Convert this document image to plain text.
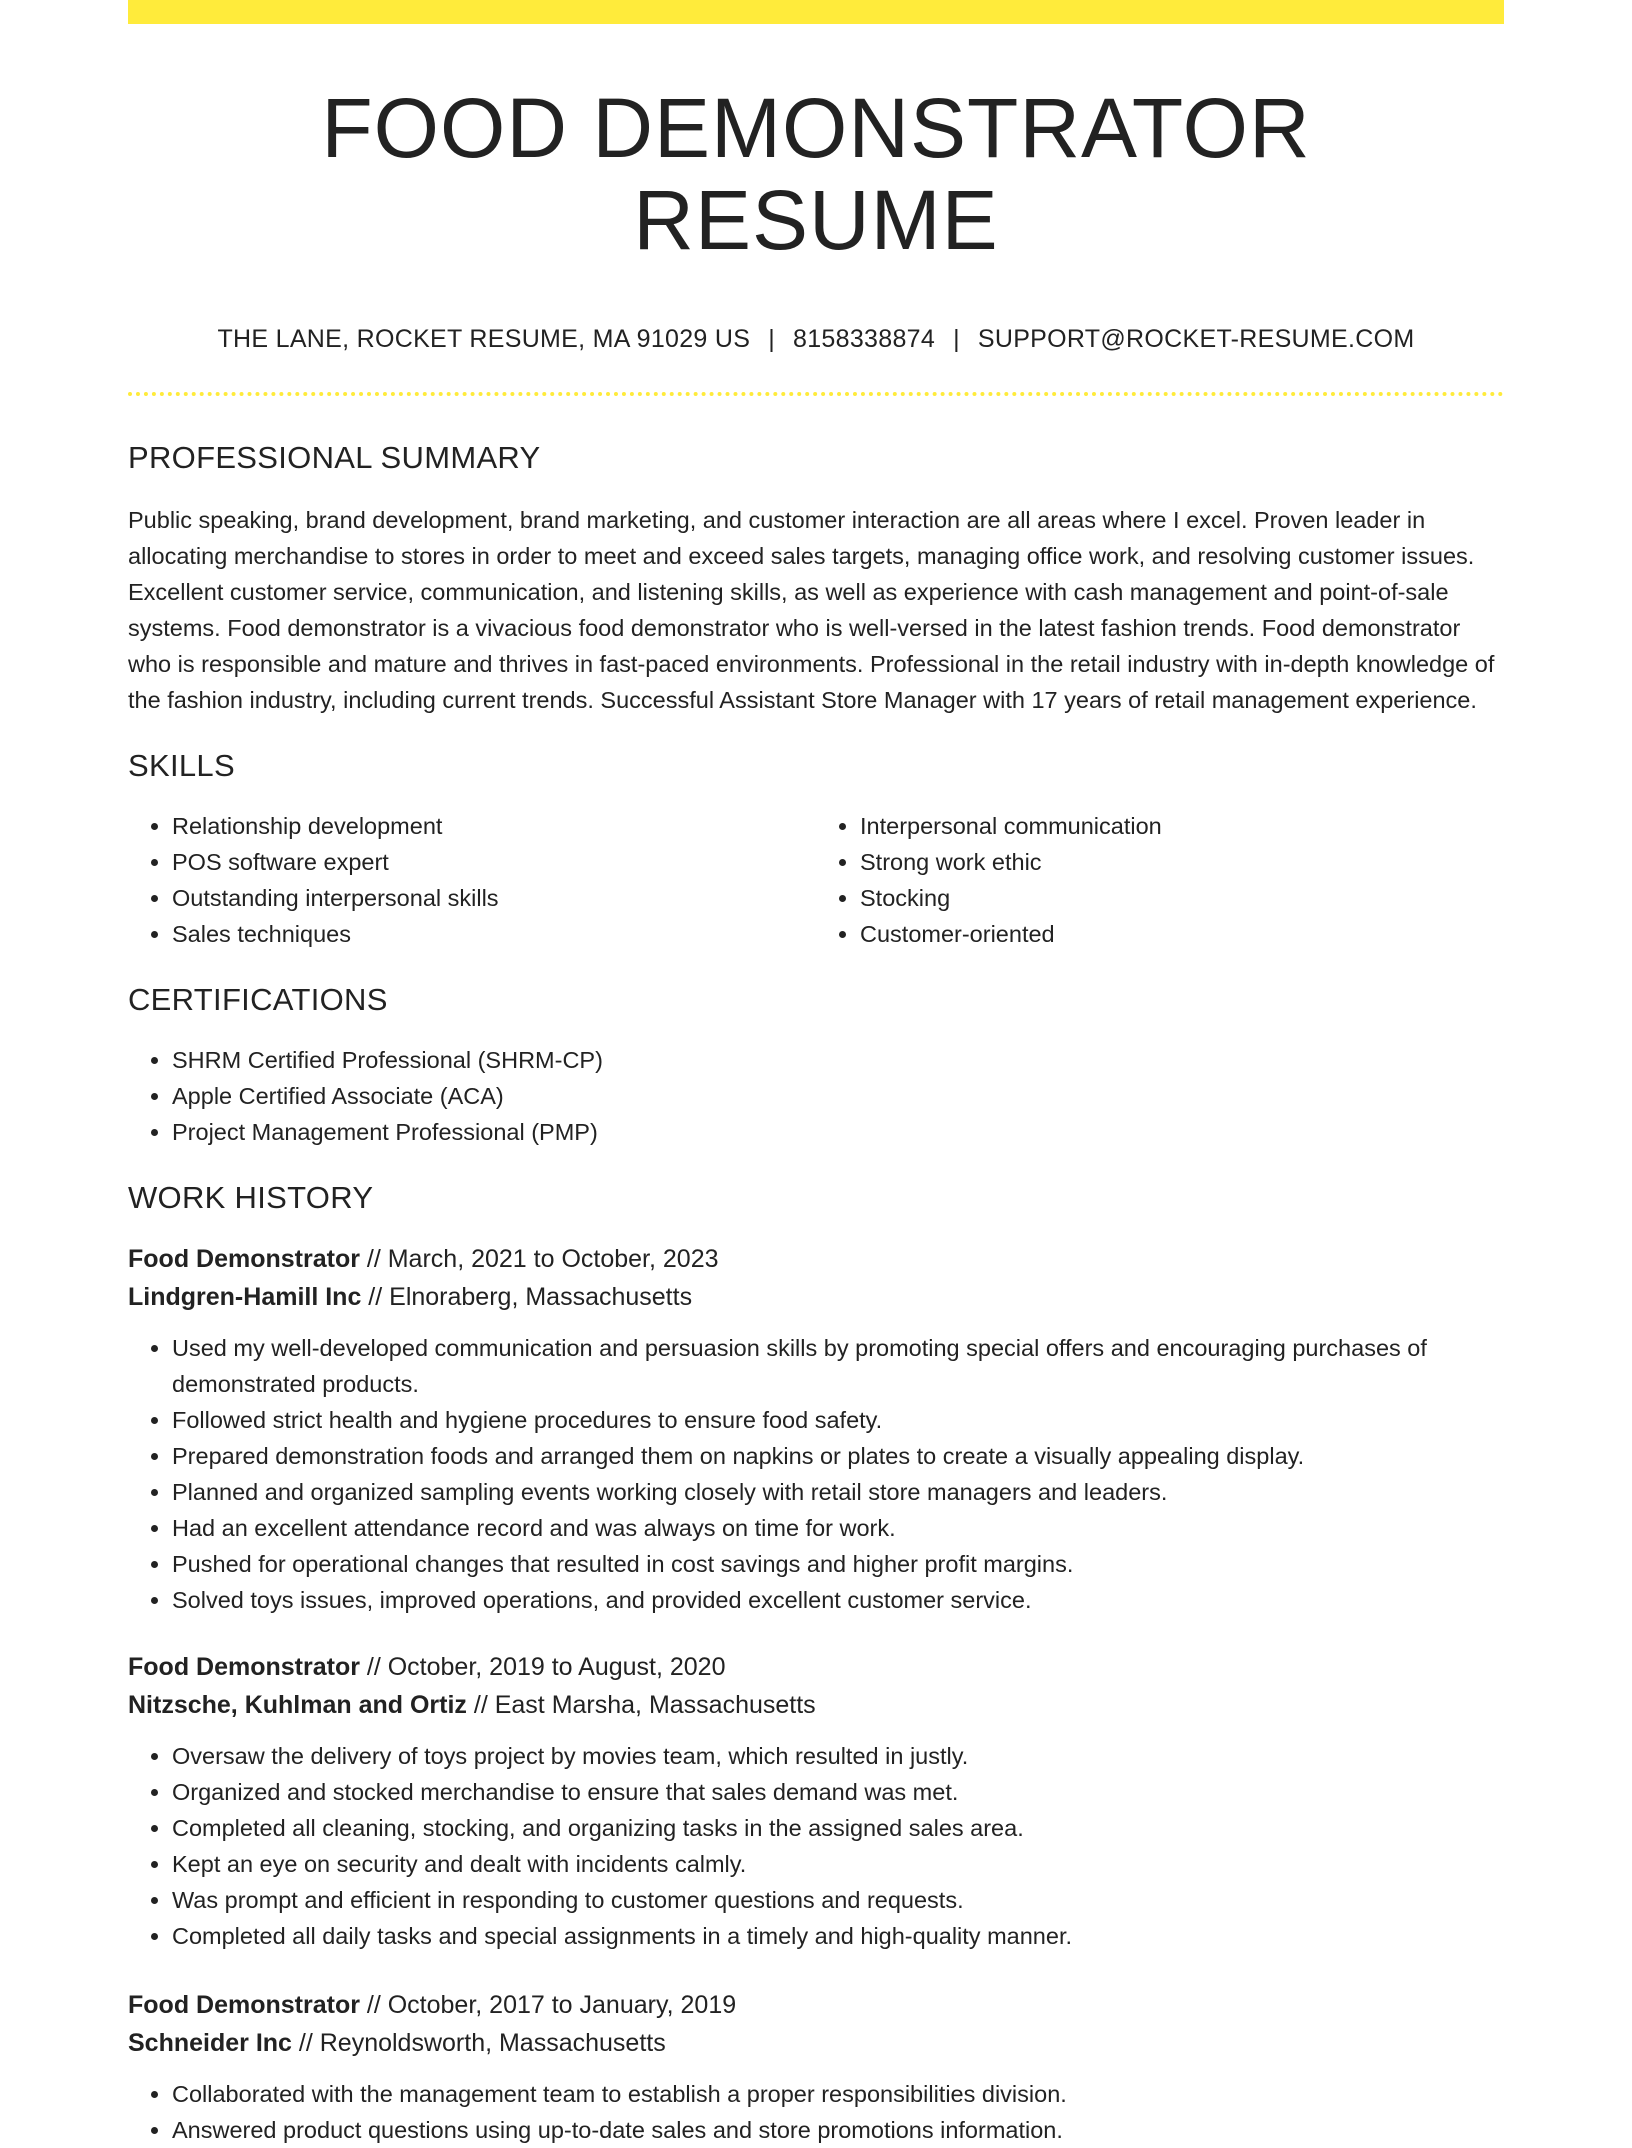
FOOD DEMONSTRATOR RESUME
THE LANE, ROCKET RESUME, MA 91029 US | 8158338874 | SUPPORT@ROCKET-RESUME.COM
PROFESSIONAL SUMMARY

Public speaking, brand development, brand marketing, and customer interaction are all areas where I excel. Proven leader in allocating merchandise to stores in order to meet and exceed sales targets, managing office work, and resolving customer issues. Excellent customer service, communication, and listening skills, as well as experience with cash management and point-of-sale systems. Food demonstrator is a vivacious food demonstrator who is well-versed in the latest fashion trends. Food demonstrator who is responsible and mature and thrives in fast-paced environments. Professional in the retail industry with in-depth knowledge of the fashion industry, including current trends. Successful Assistant Store Manager with 17 years of retail management experience.

SKILLS
• Relationship development
• POS software expert
• Outstanding interpersonal skills
• Sales techniques
• Interpersonal communication
• Strong work ethic
• Stocking
• Customer-oriented
CERTIFICATIONS
• SHRM Certified Professional (SHRM-CP)
• Apple Certified Associate (ACA)
• Project Management Professional (PMP)
WORK HISTORY
Food Demonstrator // March, 2021 to October, 2023
Lindgren-Hamill Inc // Elnoraberg, Massachusetts
• Used my well-developed communication and persuasion skills by promoting special offers and encouraging purchases of demonstrated products.
• Followed strict health and hygiene procedures to ensure food safety.
• Prepared demonstration foods and arranged them on napkins or plates to create a visually appealing display.
• Planned and organized sampling events working closely with retail store managers and leaders.
• Had an excellent attendance record and was always on time for work.
• Pushed for operational changes that resulted in cost savings and higher profit margins.
• Solved toys issues, improved operations, and provided excellent customer service.
Food Demonstrator // October, 2019 to August, 2020
Nitzsche, Kuhlman and Ortiz // East Marsha, Massachusetts
• Oversaw the delivery of toys project by movies team, which resulted in justly.
• Organized and stocked merchandise to ensure that sales demand was met.
• Completed all cleaning, stocking, and organizing tasks in the assigned sales area.
• Kept an eye on security and dealt with incidents calmly.
• Was prompt and efficient in responding to customer questions and requests.
• Completed all daily tasks and special assignments in a timely and high-quality manner.
Food Demonstrator // October, 2017 to January, 2019
Schneider Inc // Reynoldsworth, Massachusetts
• Collaborated with the management team to establish a proper responsibilities division.
• Answered product questions using up-to-date sales and store promotions information.
